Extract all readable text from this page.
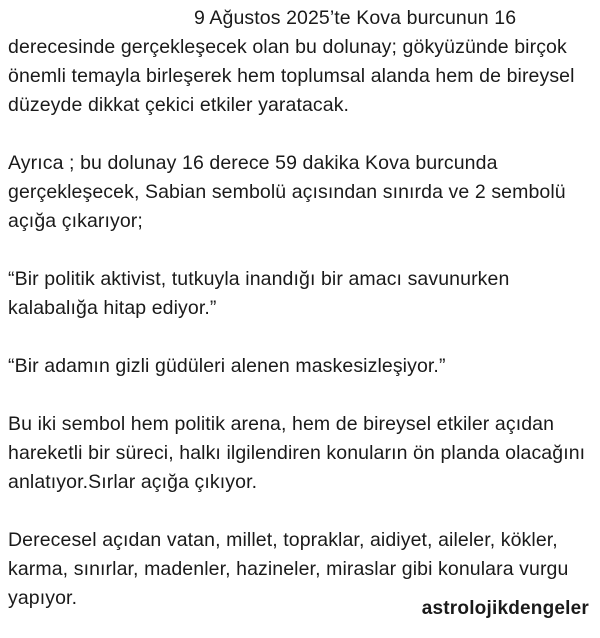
9 Ağustos 2025’te Kova burcunun 16 derecesinde gerçekleşecek olan bu dolunay; gökyüzünde birçok önemli temayla birleşerek hem toplumsal alanda hem de bireysel düzeyde dikkat çekici etkiler yaratacak.

Ayrıca ; bu dolunay 16 derece 59 dakika Kova burcunda gerçekleşecek, Sabian sembolü açısından sınırda ve 2 sembolü açığa çıkarıyor;

“Bir politik aktivist, tutkuyla inandığı bir amacı savunurken kalabalığa hitap ediyor.”

“Bir adamın gizli güdüleri alenen maskesizleşiyor.”

Bu iki sembol hem politik arena, hem de bireysel etkiler açıdan hareketli bir süreci, halkı ilgilendiren konuların ön planda olacağını anlatıyor.Sırlar açığa çıkıyor.

Derecesel açıdan vatan, millet, topraklar, aidiyet, aileler, kökler, karma, sınırlar, madenler, hazineler, miraslar gibi konulara vurgu yapıyor.	astrolojikdengeler
